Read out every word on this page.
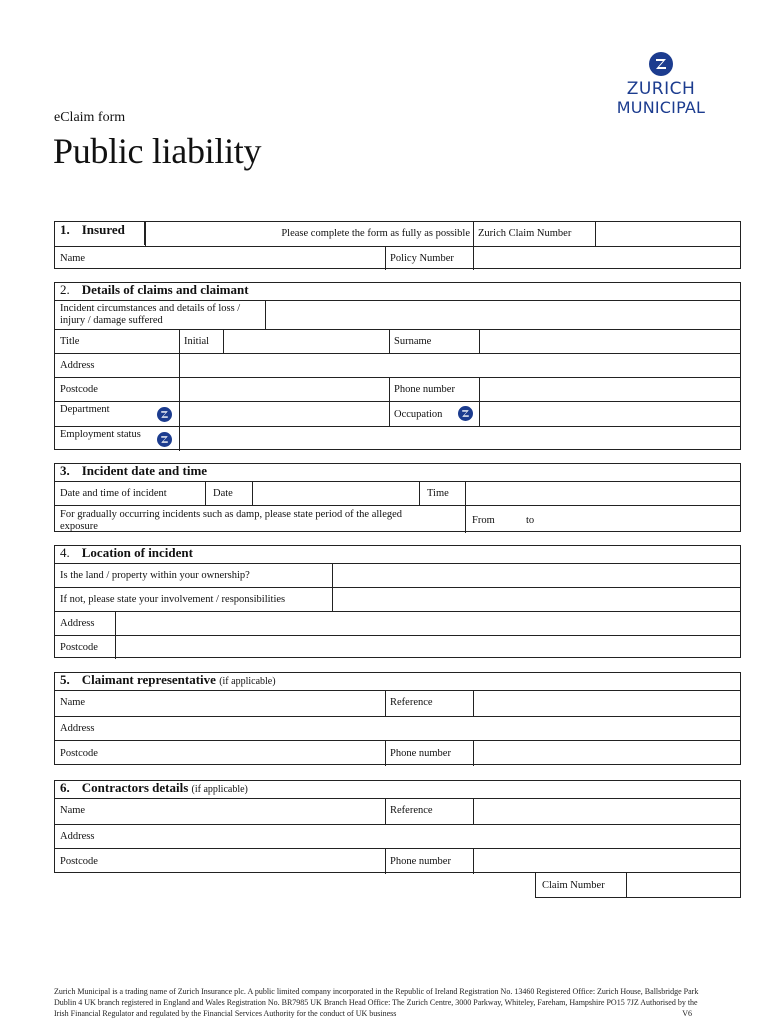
ZURICH
MUNICIPAL
eClaim form
Public liability
1. Insured	Please complete the form as fully as possible Zurich Claim Number
Name	Policy Number
2. Details of claims and claimant
Incident circumstances and details of loss / injury / damage suffered
Title	Initial	Surname
Address
Postcode	Phone number
Department	Occupation
Employment status
3. Incident date and time
Date and time of incident	Date	Time
For gradually occurring incidents such as damp, please state period of the alleged exposure
From	to
4. Location of incident
Is the land / property within your ownership?
If not, please state your involvement / responsibilities
Address
Postcode
5. Claimant representative (if applicable)
Name	Reference
Address
Postcode	Phone number
6. Contractors details (if applicable)
Name	Reference
Address
Postcode	Phone number
Claim Number
Zurich Municipal is a trading name of Zurich Insurance plc. A public limited company incorporated in the Republic of Ireland Registration No. 13460 Registered Office: Zurich House, Ballsbridge Park Dublin 4 UK branch registered in England and Wales Registration No. BR7985 UK Branch Head Office: The Zurich Centre, 3000 Parkway, Whiteley, Fareham, Hampshire PO15 7JZ Authorised by the Irish Financial Regulator and regulated by the Financial Services Authority for the conduct of UK business	V6
